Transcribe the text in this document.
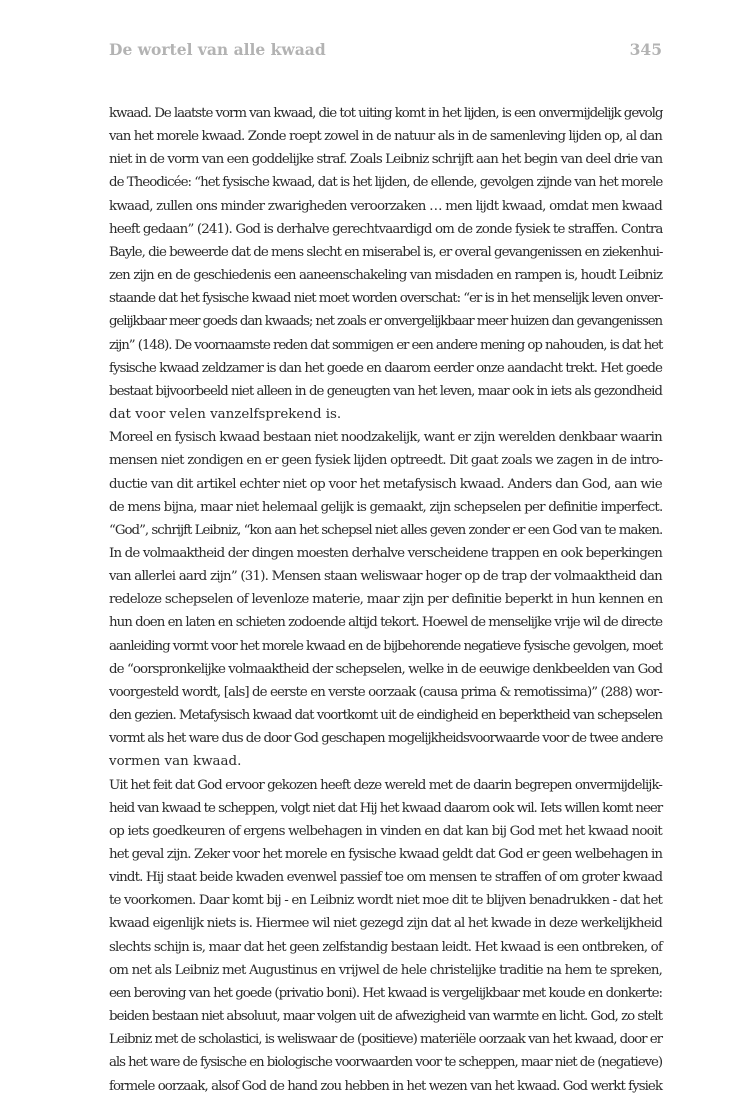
De wortel van alle kwaad	345
kwaad. De laatste vorm van kwaad, die tot uiting komt in het lijden, is een onvermijdelijk gevolg
van het morele kwaad. Zonde roept zowel in de natuur als in de samenleving lijden op, al dan
niet in de vorm van een goddelijke straf. Zoals Leibniz schrijft aan het begin van deel drie van
de Theodicée: “het fysische kwaad, dat is het lijden, de ellende, gevolgen zijnde van het morele
kwaad, zullen ons minder zwarigheden veroorzaken … men lijdt kwaad, omdat men kwaad
heeft gedaan” (241). God is derhalve gerechtvaardigd om de zonde fysiek te straffen. Contra
Bayle, die beweerde dat de mens slecht en miserabel is, er overal gevangenissen en ziekenhui-
zen zijn en de geschiedenis een aaneenschakeling van misdaden en rampen is, houdt Leibniz
staande dat het fysische kwaad niet moet worden overschat: “er is in het menselijk leven onver-
gelijkbaar meer goeds dan kwaads; net zoals er onvergelijkbaar meer huizen dan gevangenissen
zijn” (148). De voornaamste reden dat sommigen er een andere mening op nahouden, is dat het
fysische kwaad zeldzamer is dan het goede en daarom eerder onze aandacht trekt. Het goede
bestaat bijvoorbeeld niet alleen in de geneugten van het leven, maar ook in iets als gezondheid
dat voor velen vanzelfsprekend is.
Moreel en fysisch kwaad bestaan niet noodzakelijk, want er zijn werelden denkbaar waarin
mensen niet zondigen en er geen fysiek lijden optreedt. Dit gaat zoals we zagen in de intro-
ductie van dit artikel echter niet op voor het metafysisch kwaad. Anders dan God, aan wie
de mens bijna, maar niet helemaal gelijk is gemaakt, zijn schepselen per definitie imperfect.
“God”, schrijft Leibniz, “kon aan het schepsel niet alles geven zonder er een God van te maken.
In de volmaaktheid der dingen moesten derhalve verscheidene trappen en ook beperkingen
van allerlei aard zijn” (31). Mensen staan weliswaar hoger op de trap der volmaaktheid dan
redeloze schepselen of levenloze materie, maar zijn per definitie beperkt in hun kennen en
hun doen en laten en schieten zodoende altijd tekort. Hoewel de menselijke vrije wil de directe
aanleiding vormt voor het morele kwaad en de bijbehorende negatieve fysische gevolgen, moet
de “oorspronkelijke volmaaktheid der schepselen, welke in de eeuwige denkbeelden van God
voorgesteld wordt, [als] de eerste en verste oorzaak (causa prima & remotissima)” (288) wor-
den gezien. Metafysisch kwaad dat voortkomt uit de eindigheid en beperktheid van schepselen
vormt als het ware dus de door God geschapen mogelijkheidsvoorwaarde voor de twee andere
vormen van kwaad.
Uit het feit dat God ervoor gekozen heeft deze wereld met de daarin begrepen onvermijdelijk-
heid van kwaad te scheppen, volgt niet dat Hij het kwaad daarom ook wil. Iets willen komt neer
op iets goedkeuren of ergens welbehagen in vinden en dat kan bij God met het kwaad nooit
het geval zijn. Zeker voor het morele en fysische kwaad geldt dat God er geen welbehagen in
vindt. Hij staat beide kwaden evenwel passief toe om mensen te straffen of om groter kwaad
te voorkomen. Daar komt bij - en Leibniz wordt niet moe dit te blijven benadrukken - dat het
kwaad eigenlijk niets is. Hiermee wil niet gezegd zijn dat al het kwade in deze werkelijkheid
slechts schijn is, maar dat het geen zelfstandig bestaan leidt. Het kwaad is een ontbreken, of
om net als Leibniz met Augustinus en vrijwel de hele christelijke traditie na hem te spreken,
een beroving van het goede (privatio boni). Het kwaad is vergelijkbaar met koude en donkerte:
beiden bestaan niet absoluut, maar volgen uit de afwezigheid van warmte en licht. God, zo stelt
Leibniz met de scholastici, is weliswaar de (positieve) materiële oorzaak van het kwaad, door er
als het ware de fysische en biologische voorwaarden voor te scheppen, maar niet de (negatieve)
formele oorzaak, alsof God de hand zou hebben in het wezen van het kwaad. God werkt fysiek
